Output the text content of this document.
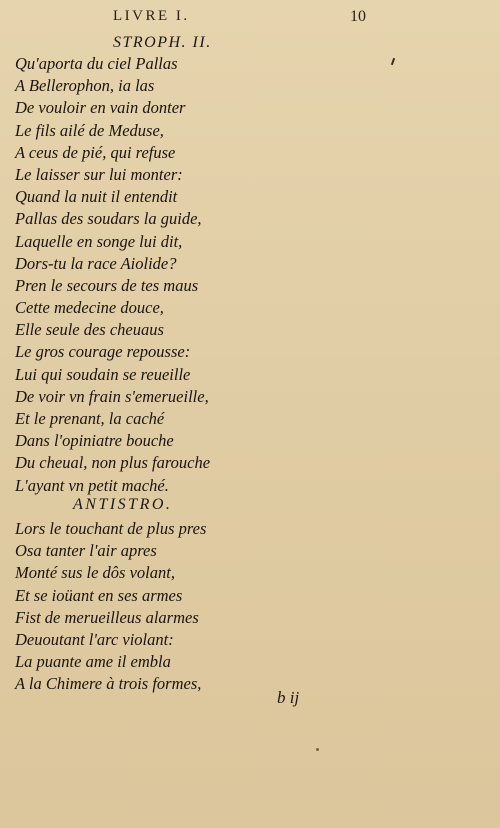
LIVRE I.	10
STROPH. II.
Qu'aporta du ciel Pallas
A Bellerophon, ia las
De vouloir en vain donter
Le fils ailé de Meduse,
A ceus de pié, qui refuse
Le laisser sur lui monter:
Quand la nuit il entendit
Pallas des soudars la guide,
Laquelle en songe lui dit,
Dors-tu la race Aiolide?
Pren le secours de tes maus
Cette medecine douce,
Elle seule des cheuaus
Le gros courage repousse:
Lui qui soudain se reueille
De voir vn frain s'emerueille,
Et le prenant, la caché
Dans l'opiniatre bouche
Du cheual, non plus farouche
L'ayant vn petit maché.
ANTISTRO.
Lors le touchant de plus pres
Osa tanter l'air apres
Monté sus le dôs volant,
Et se ioüant en ses armes
Fist de merueilleus alarmes
Deuoutant l'arc violant:
La puante ame il embla
A la Chimere à trois formes,
b ij
